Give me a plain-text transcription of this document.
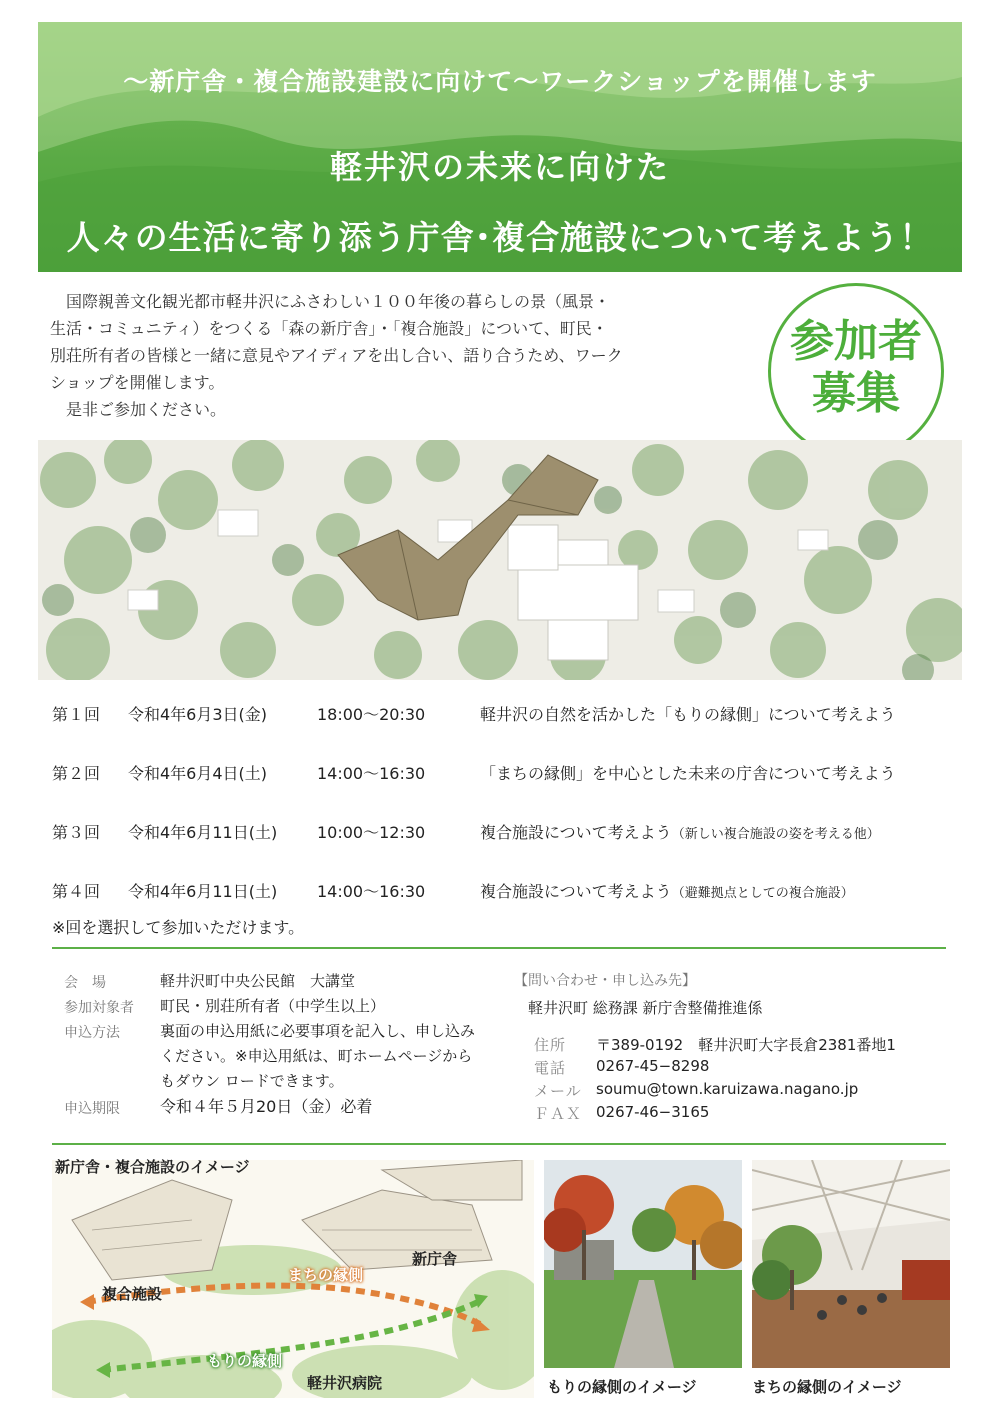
〜新庁舎・複合施設建設に向けて〜ワークショップを開催します
軽井沢の未来に向けた
人々の生活に寄り添う庁舎･複合施設について考えよう！

　国際親善文化観光都市軽井沢にふさわしい１００年後の暮らしの景（風景・

生活・コミュニティ）をつくる「森の新庁舎」・「複合施設」について、町民・

別荘所有者の皆様と一緒に意見やアイディアを出し合い、語り合うため、ワーク

ショップを開催します。

　是非ご参加ください。

参加者
募集
第１回 令和4年6月3日(金)	18:00〜20:30	軽井沢の自然を活かした「もりの縁側」について考えよう
第２回 令和4年6月4日(土)	14:00〜16:30	「まちの縁側」を中心とした未来の庁舎について考えよう
第３回 令和4年6月11日(土) 10:00〜12:30	複合施設について考えよう（新しい複合施設の姿を考える他）
第４回 令和4年6月11日(土) 14:00〜16:30	複合施設について考えよう（避難拠点としての複合施設）
※回を選択して参加いただけます。
会　場	軽井沢町中央公民館　大講堂
参加対象者	町民・別荘所有者（中学生以上）
申込方法	裏面の申込用紙に必要事項を記入し、申し込み
ください。※申込用紙は、町ホームページから
もダウン ロードできます。
申込期限	令和４年５月20日（金）必着
【問い合わせ・申し込み先】
軽井沢町 総務課 新庁舎整備推進係
住所	〒389-0192　軽井沢町大字長倉2381番地1
電話	0267-45−8298
メール soumu@town.karuizawa.nagano.jp
ＦＡＸ 0267-46−3165
複合施設
まちの縁側
新庁舎
もりの縁側
軽井沢病院
新庁舎・複合施設のイメージ
もりの縁側のイメージ	まちの縁側のイメージ
